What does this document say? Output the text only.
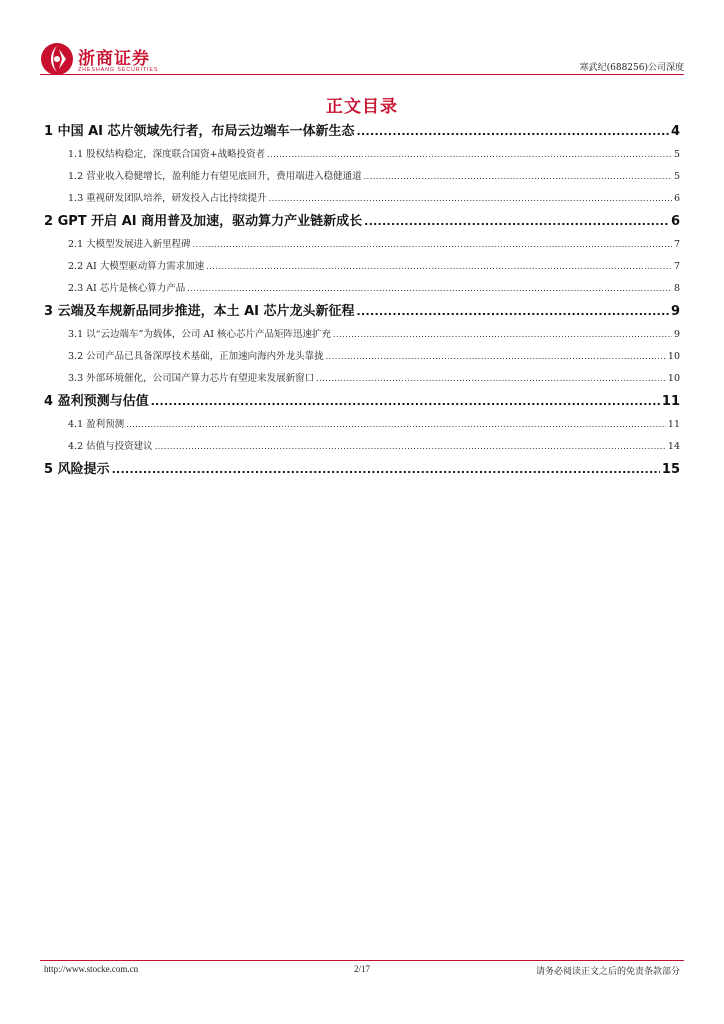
浙商证券
ZHESHANG SECURITIES	寒武纪(688256)公司深度
正文目录
1 中国 AI 芯片领域先行者，布局云边端车一体新生态 .....	4
1.1 股权结构稳定，深度联合国资+战略投资者 .....	5
1.2 营业收入稳健增长，盈利能力有望见底回升，费用端进入稳健通道 .....	5
1.3 重视研发团队培养，研发投入占比持续提升 .....	6
2 GPT 开启 AI 商用普及加速，驱动算力产业链新成长 .....	6
2.1 大模型发展进入新里程碑 .....	7
2.2 AI 大模型驱动算力需求加速 .....	7
2.3 AI 芯片是核心算力产品 .....	8
3 云端及车规新品同步推进，本土 AI 芯片龙头新征程 .....	9
3.1 以“云边端车”为载体，公司 AI 核心芯片产品矩阵迅速扩充 .....	9
3.2 公司产品已具备深厚技术基础，正加速向海内外龙头靠拢 .....	10
3.3 外部环境催化，公司国产算力芯片有望迎来发展新窗口 .....	10
4 盈利预测与估值 .....	11
4.1 盈利预测 .....	11
4.2 估值与投资建议 .....	14
5 风险提示 .....	15
http://www.stocke.com.cn	2/17	请务必阅读正文之后的免责条款部分
